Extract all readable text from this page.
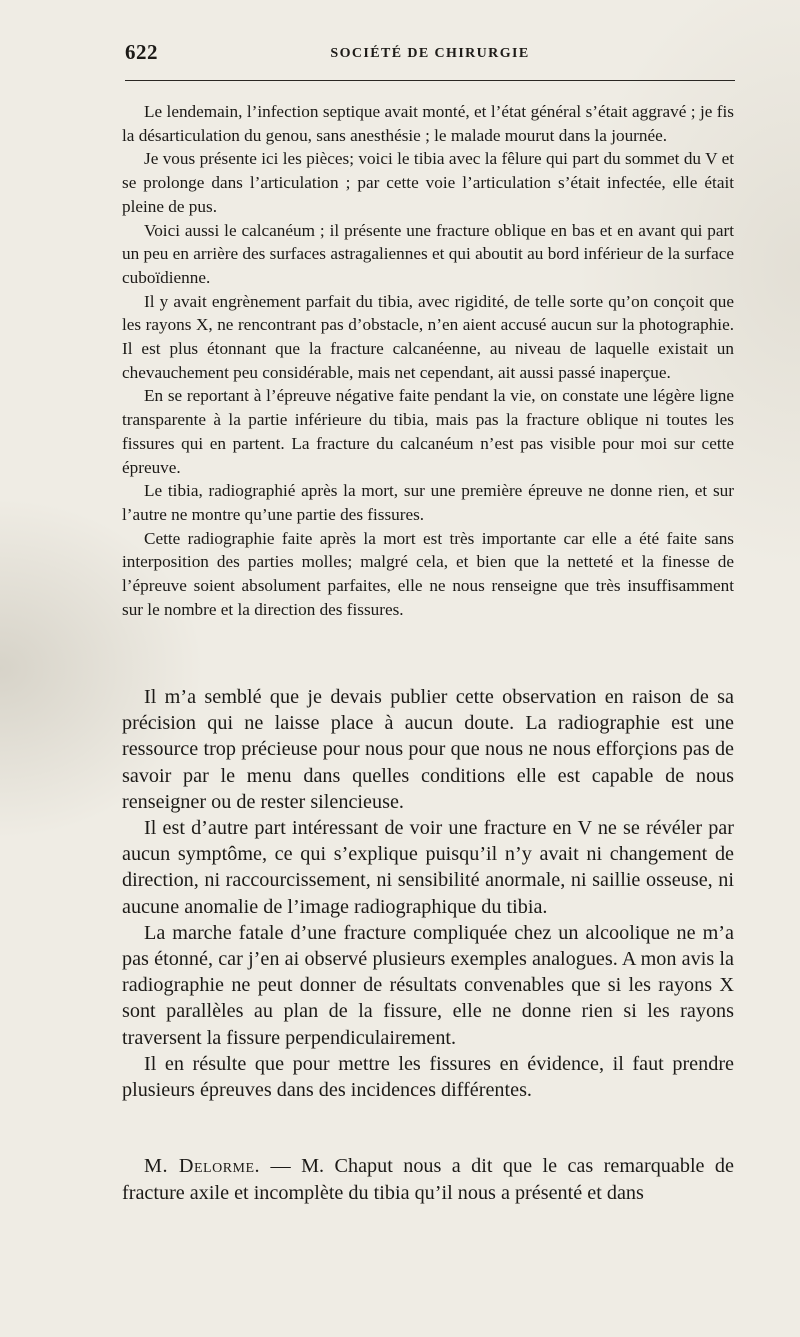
622	SOCIÉTÉ DE CHIRURGIE

Le lendemain, l’infection septique avait monté, et l’état général s’était aggravé ; je fis la désarticulation du genou, sans anesthésie ; le malade mourut dans la journée.

Je vous présente ici les pièces; voici le tibia avec la fêlure qui part du sommet du V et se prolonge dans l’articulation ; par cette voie l’articulation s’était infectée, elle était pleine de pus.

Voici aussi le calcanéum ; il présente une fracture oblique en bas et en avant qui part un peu en arrière des surfaces astragaliennes et qui aboutit au bord inférieur de la surface cuboïdienne.

Il y avait engrènement parfait du tibia, avec rigidité, de telle sorte qu’on conçoit que les rayons X, ne rencontrant pas d’obstacle, n’en aient accusé aucun sur la photographie. Il est plus étonnant que la fracture calcanéenne, au niveau de laquelle existait un chevauchement peu considérable, mais net cependant, ait aussi passé inaperçue.

En se reportant à l’épreuve négative faite pendant la vie, on constate une légère ligne transparente à la partie inférieure du tibia, mais pas la fracture oblique ni toutes les fissures qui en partent. La fracture du calcanéum n’est pas visible pour moi sur cette épreuve.

Le tibia, radiographié après la mort, sur une première épreuve ne donne rien, et sur l’autre ne montre qu’une partie des fissures.

Cette radiographie faite après la mort est très importante car elle a été faite sans interposition des parties molles; malgré cela, et bien que la netteté et la finesse de l’épreuve soient absolument parfaites, elle ne nous renseigne que très insuffisamment sur le nombre et la direction des fissures.

Il m’a semblé que je devais publier cette observation en raison de sa précision qui ne laisse place à aucun doute. La radiographie est une ressource trop précieuse pour nous pour que nous ne nous efforçions pas de savoir par le menu dans quelles conditions elle est capable de nous renseigner ou de rester silencieuse.

Il est d’autre part intéressant de voir une fracture en V ne se révéler par aucun symptôme, ce qui s’explique puisqu’il n’y avait ni changement de direction, ni raccourcissement, ni sensibilité anormale, ni saillie osseuse, ni aucune anomalie de l’image radiographique du tibia.

La marche fatale d’une fracture compliquée chez un alcoolique ne m’a pas étonné, car j’en ai observé plusieurs exemples analogues. A mon avis la radiographie ne peut donner de résultats convenables que si les rayons X sont parallèles au plan de la fissure, elle ne donne rien si les rayons traversent la fissure perpendiculairement.

Il en résulte que pour mettre les fissures en évidence, il faut prendre plusieurs épreuves dans des incidences différentes.

M. Delorme. — M. Chaput nous a dit que le cas remarquable de fracture axile et incomplète du tibia qu’il nous a présenté et dans
